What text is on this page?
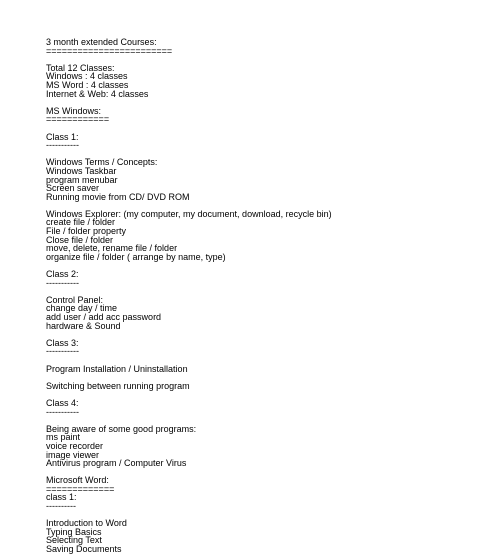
3 month extended Courses:
========================
Total 12 Classes:
Windows : 4 classes
MS Word : 4 classes
Internet & Web: 4 classes
MS Windows:
============
Class 1:
-----------
Windows Terms / Concepts:
Windows Taskbar
program menubar
Screen saver
Running movie from CD/ DVD ROM
Windows Explorer: (my computer, my document, download, recycle bin)
create file / folder
File / folder property
Close file / folder
move, delete, rename file / folder
organize file / folder ( arrange by name, type)
Class 2:
-----------
Control Panel:
change day / time
add user / add acc password
hardware & Sound
Class 3:
-----------
Program Installation / Uninstallation
Switching between running program
Class 4:
-----------
Being aware of some good programs:
ms paint
voice recorder
image viewer
Antivirus program / Computer Virus
Microsoft Word:
=============
class 1:
----------
Introduction to Word
Typing Basics
Selecting Text
Saving Documents
